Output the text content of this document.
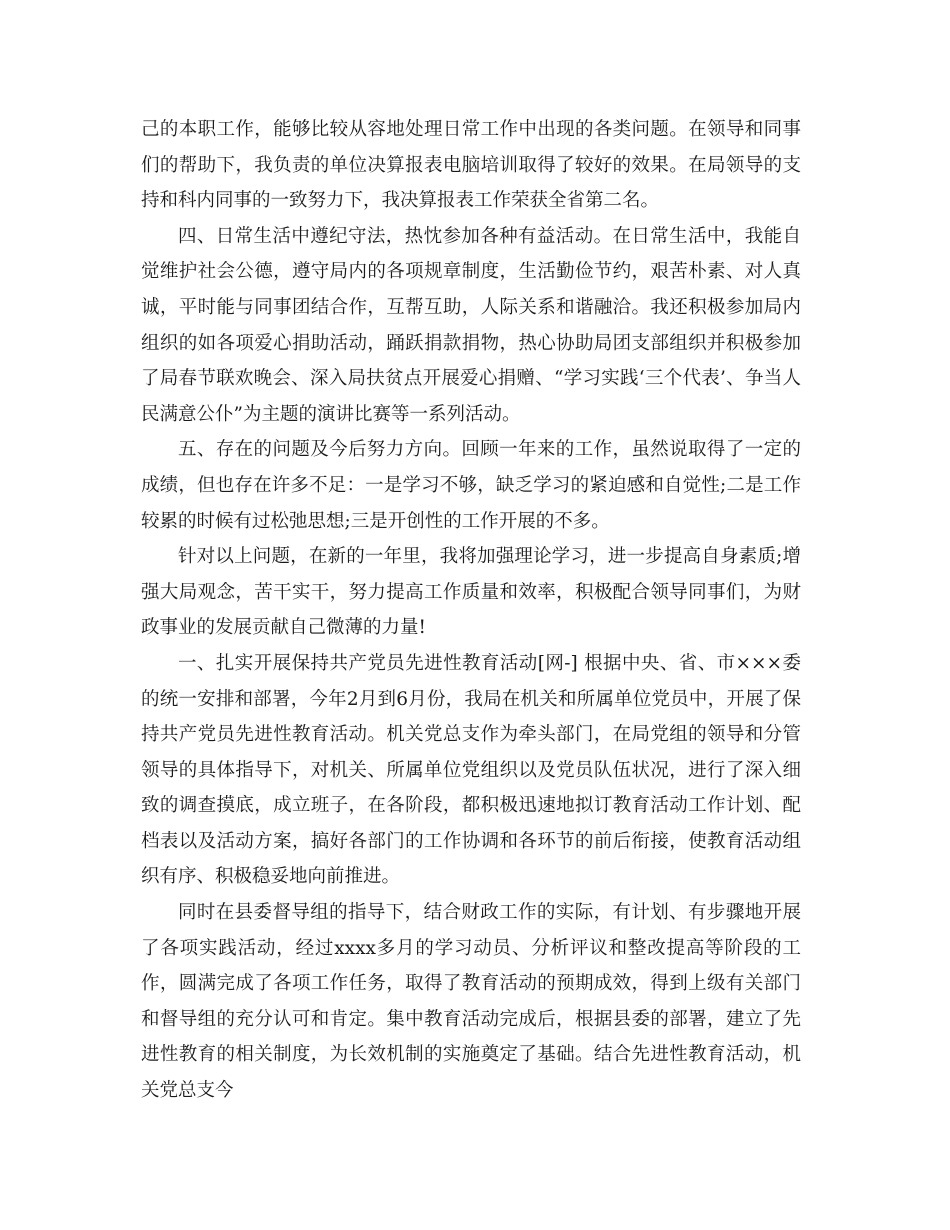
己的本职工作，能够比较从容地处理日常工作中出现的各类问题。在领导和同事们的帮助下，我负责的单位决算报表电脑培训取得了较好的效果。在局领导的支持和科内同事的一致努力下，我决算报表工作荣获全省第二名。

四、日常生活中遵纪守法，热忱参加各种有益活动。在日常生活中，我能自觉维护社会公德，遵守局内的各项规章制度，生活勤俭节约，艰苦朴素、对人真诚，平时能与同事团结合作，互帮互助，人际关系和谐融洽。我还积极参加局内组织的如各项爱心捐助活动，踊跃捐款捐物，热心协助局团支部组织并积极参加了局春节联欢晚会、深入局扶贫点开展爱心捐赠、“学习实践‘三个代表’、争当人民满意公仆”为主题的演讲比赛等一系列活动。

五、存在的问题及今后努力方向。回顾一年来的工作，虽然说取得了一定的成绩，但也存在许多不足：一是学习不够，缺乏学习的紧迫感和自觉性;二是工作较累的时候有过松弛思想;三是开创性的工作开展的不多。

针对以上问题，在新的一年里，我将加强理论学习，进一步提高自身素质;增强大局观念，苦干实干，努力提高工作质量和效率，积极配合领导同事们，为财政事业的发展贡献自己微薄的力量!

一、扎实开展保持共产党员先进性教育活动[网-] 根据中央、省、市×××委的统一安排和部署，今年2月到6月份，我局在机关和所属单位党员中，开展了保持共产党员先进性教育活动。机关党总支作为牵头部门，在局党组的领导和分管领导的具体指导下，对机关、所属单位党组织以及党员队伍状况，进行了深入细致的调查摸底，成立班子，在各阶段，都积极迅速地拟订教育活动工作计划、配档表以及活动方案，搞好各部门的工作协调和各环节的前后衔接，使教育活动组织有序、积极稳妥地向前推进。

同时在县委督导组的指导下，结合财政工作的实际，有计划、有步骤地开展了各项实践活动，经过xxxx多月的学习动员、分析评议和整改提高等阶段的工作，圆满完成了各项工作任务，取得了教育活动的预期成效，得到上级有关部门和督导组的充分认可和肯定。集中教育活动完成后，根据县委的部署，建立了先进性教育的相关制度，为长效机制的实施奠定了基础。结合先进性教育活动，机关党总支今
